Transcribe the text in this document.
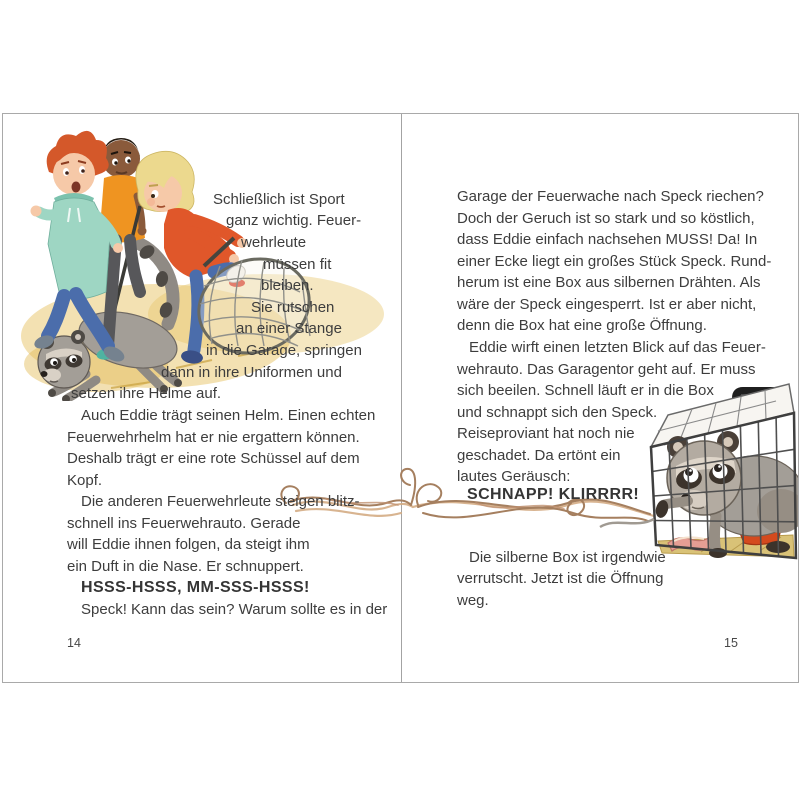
Schließlich ist Sport
ganz wichtig. Feuer-
wehrleute
müssen fit
bleiben.
Sie rutschen
an einer Stange
in die Garage, springen
dann in ihre Uniformen und
setzen ihre Helme auf.
Auch Eddie trägt seinen Helm. Einen echten
Feuerwehrhelm hat er nie ergattern können.
Deshalb trägt er eine rote Schüssel auf dem
Kopf.
Die anderen Feuerwehrleute steigen blitz-
schnell ins Feuerwehrauto. Gerade
will Eddie ihnen folgen, da steigt ihm
ein Duft in die Nase. Er schnuppert.
HSSS-HSSS, MM-SSS-HSSS!
Speck! Kann das sein? Warum sollte es in der
14
Garage der Feuerwache nach Speck riechen?
Doch der Geruch ist so stark und so köstlich,
dass Eddie einfach nachsehen MUSS! Da! In
einer Ecke liegt ein großes Stück Speck. Rund-
herum ist eine Box aus silbernen Drähten. Als
wäre der Speck eingesperrt. Ist er aber nicht,
denn die Box hat eine große Öffnung.
Eddie wirft einen letzten Blick auf das Feuer-
wehrauto. Das Garagentor geht auf. Er muss
sich beeilen. Schnell läuft er in die Box
und schnappt sich den Speck.
Reiseproviant hat noch nie
geschadet. Da ertönt ein
lautes Geräusch:
SCHNAPP! KLIRRRR!
Die silberne Box ist irgendwie
verrutscht. Jetzt ist die Öffnung
weg.
15
